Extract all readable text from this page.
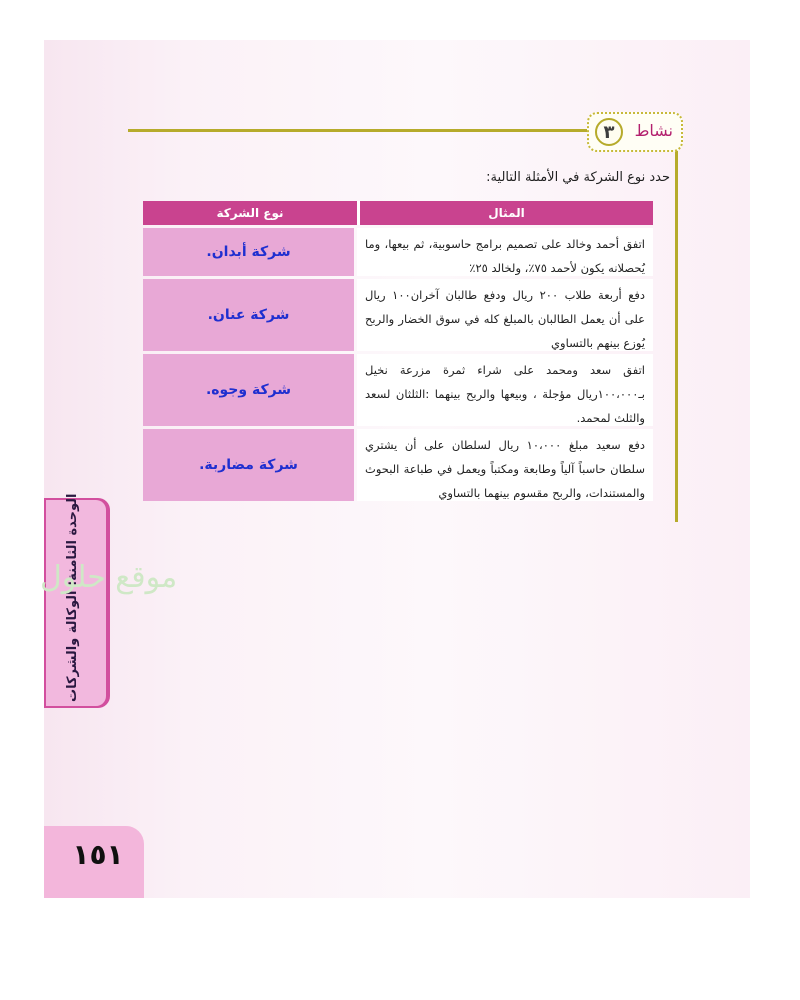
نشاط
٣
حدد نوع الشركة في الأمثلة التالية:
نوع الشركة	المثال
شركة أبدان.	اتفق أحمد وخالد على تصميم برامج حاسوبية، ثم بيعها، وما يُحصلانه يكون لأحمد ٧٥٪، ولخالد ٢٥٪
شركة عنان.
دفع أربعة طلاب ٢٠٠ ريال ودفع طالبان آخران١٠٠ ريال على أن يعمل الطالبان بالمبلغ كله في سوق الخضار والربح يُوزع بينهم بالتساوي
شركة وجوه.
اتفق سعد ومحمد على شراء ثمرة مزرعة نخيل بـ١٠٠،٠٠٠ريال مؤجلة ، وبيعها والربح بينهما :الثلثان لسعد والثلث لمحمد.
شركة مضاربة.
دفع سعيد مبلغ ١٠،٠٠٠ ريال لسلطان على أن يشتري سلطان حاسباً آلياً وطابعة ومكتباً ويعمل في طباعة البحوث والمستندات، والربح مقسوم بينهما بالتساوي
الوحدة الثامنة: الوكالة والشركات
موقع حلول
١٥١
